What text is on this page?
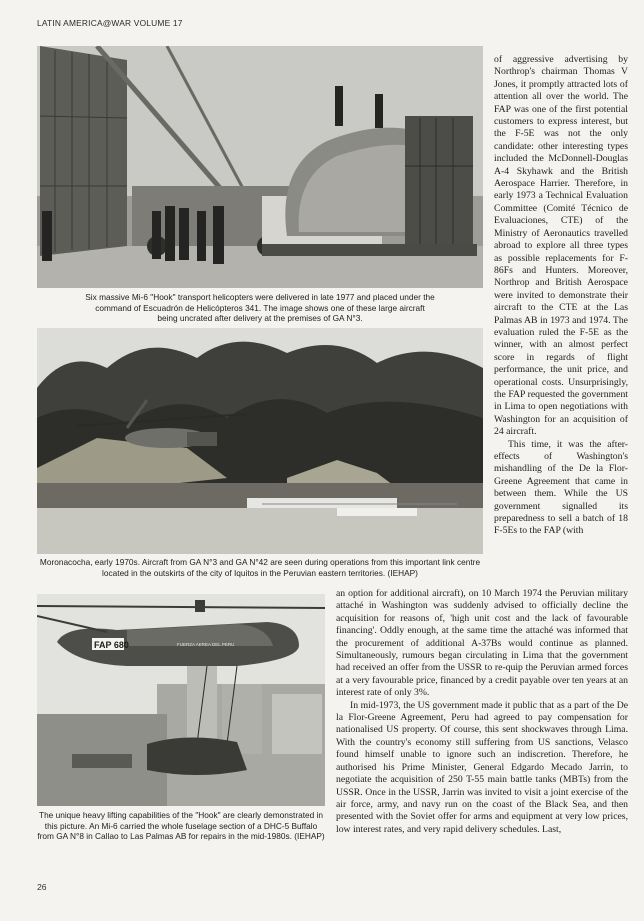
LATIN AMERICA@WAR VOLUME 17
Six massive Mi-6 "Hook" transport helicopters were delivered in late 1977 and placed under the command of Escuadrón de Helicópteros 341. The image shows one of these large aircraft being uncrated after delivery at the premises of GA N°3.
Moronacocha, early 1970s. Aircraft from GA N°3 and GA N°42 are seen during operations from this important link centre located in the outskirts of the city of Iquitos in the Peruvian eastern territories. (IEHAP)
FAP 680	FUERZA AEREA DEL PERU
The unique heavy lifting capabilities of the "Hook" are clearly demonstrated in this picture. An Mi-6 carried the whole fuselage section of a DHC-5 Buffalo from GA N°8 in Callao to Las Palmas AB for repairs in the mid-1980s. (IEHAP)

of aggressive advertising by Northrop's chairman Thomas V Jones, it promptly attracted lots of attention all over the world. The FAP was one of the first potential customers to express interest, but the F-5E was not the only candidate: other interesting types included the McDonnell-Douglas A-4 Skyhawk and the British Aerospace Harrier. Therefore, in early 1973 a Technical Evaluation Committee (Comité Técnico de Evaluaciones, CTE) of the Ministry of Aeronautics travelled abroad to explore all three types as possible replacements for F-86Fs and Hunters. Moreover, Northrop and British Aerospace were invited to demonstrate their aircraft to the CTE at the Las Palmas AB in 1973 and 1974. The evaluation ruled the F-5E as the winner, with an almost perfect score in regards of flight performance, the unit price, and operational costs. Unsurprisingly, the FAP requested the government in Lima to open negotiations with Washington for an acquisition of 24 aircraft.

This time, it was the after-effects of Washington's mishandling of the De la Flor-Greene Agreement that came in between them. While the US government signalled its preparedness to sell a batch of 18 F-5Es to the FAP (with

an option for additional aircraft), on 10 March 1974 the Peruvian military attaché in Washington was suddenly advised to officially decline the acquisition for reasons of, 'high unit cost and the lack of favourable financing'. Oddly enough, at the same time the attaché was informed that the procurement of additional A-37Bs would continue as planned. Simultaneously, rumours began circulating in Lima that the government had received an offer from the USSR to re-quip the Peruvian armed forces at a very favourable price, financed by a credit payable over ten years at an interest rate of only 3%.

In mid-1973, the US government made it public that as a part of the De la Flor-Greene Agreement, Peru had agreed to pay compensation for nationalised US property. Of course, this sent shockwaves through Lima. With the country's economy still suffering from US sanctions, Velasco found himself unable to ignore such an indiscretion. Therefore, he authorised his Prime Minister, General Edgardo Mecado Jarrin, to negotiate the acquisition of 250 T-55 main battle tanks (MBTs) from the USSR. Once in the USSR, Jarrin was invited to visit a joint exercise of the air force, army, and navy run on the coast of the Black Sea, and then presented with the Soviet offer for arms and equipment at very low prices, low interest rates, and very rapid delivery schedules. Last,

26
